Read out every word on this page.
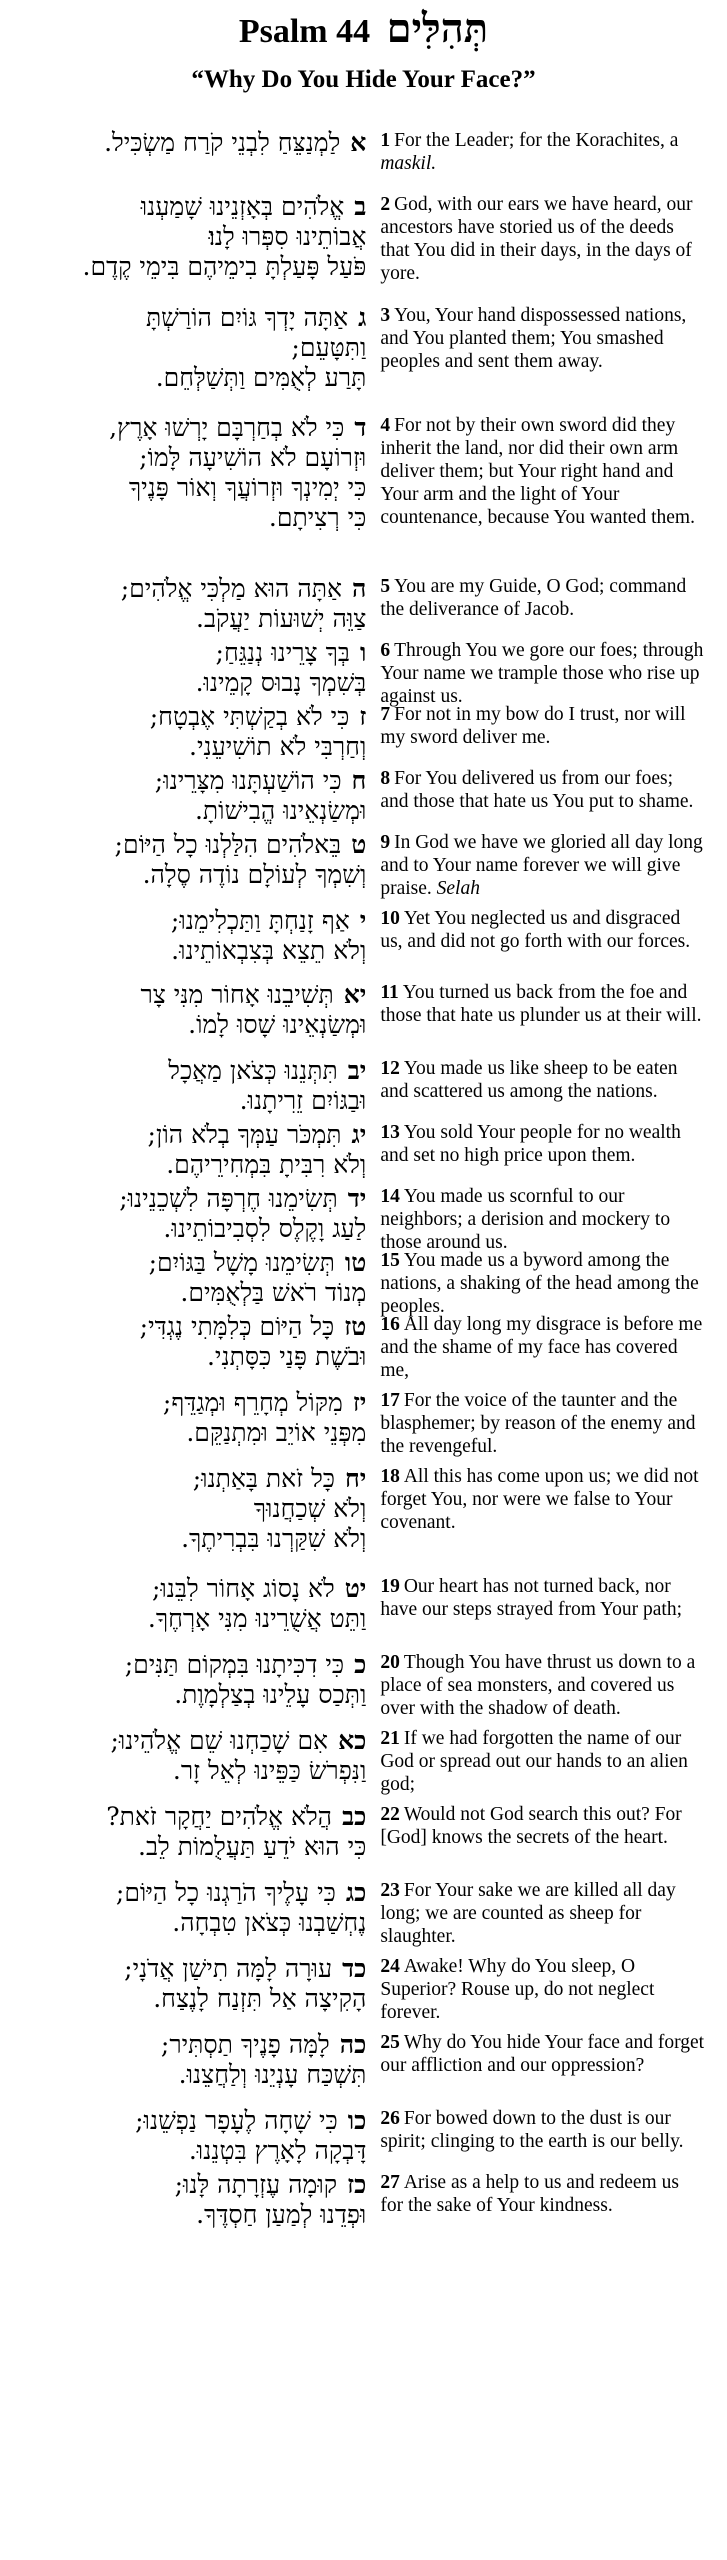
Psalm 44 תְּהִלִּים
“Why Do You Hide Your Face?”
אלַמְנַצֵּחַ לִבְנֵי קֹרַח מַשְׂכִּיל.	1 For the Leader; for the Korachites, a maskil.
באֱלֹהִים בְּאָזְנֵינוּ שָׁמַעְנוּ
אֲבוֹתֵינוּ סִפְּרוּ לָנוּ׃
פֹּעַל פָּעַלְתָּ בִימֵיהֶם בִּימֵי קֶדֶם.
2 God, with our ears we have heard, our ancestors have storied us of the deeds that You did in their days, in the days of yore.
גאַתָּה יָדְךָ גּוֹיִם הוֹרַשְׁתָּ
וַתִּטָּעֵם;
תָּרַע לְאֻמִּים וַתְּשַׁלְּחֵם.
3 You, Your hand dispossessed nations, and You planted them; You smashed peoples and sent them away.
דכִּי לֹא בְחַרְבָּם יָרְשׁוּ אָרֶץ,
וּזְרוֹעָם לֹא הוֹשִׁיעָה לָּמוֹ;
כִּי יְמִינְךָ וּזְרוֹעֲךָ וְאוֹר פָּנֶיךָ
כִּי רְצִיתָם.
4 For not by their own sword did they inherit the land, nor did their own arm deliver them; but Your right hand and Your arm and the light of Your countenance, because You wanted them.
האַתָּה הוּא מַלְכִּי אֱלֹהִים;
צַוֵּה יְשׁוּעוֹת יַעֲקֹב.
5 You are my Guide, O God; command the deliverance of Jacob.
ובְּךָ צָרֵינוּ נְנַגֵּחַ;
בְּשִׁמְךָ נָבוּס קָמֵינוּ.
6 Through You we gore our foes; through Your name we trample those who rise up against us.
זכִּי לֹא בְקַשְׁתִּי אֶבְטָח;
וְחַרְבִּי לֹא תוֹשִׁיעֵנִי.
7 For not in my bow do I trust, nor will my sword deliver me.
חכִּי הוֹשַׁעְתָּנוּ מִצָּרֵינוּ;
וּמְשַׂנְאֵינוּ הֱבִישׁוֹתָ.
8 For You delivered us from our foes; and those that hate us You put to shame.
טבֵּאלֹהִים הִלַּלְנוּ כָל הַיּוֹם;
וְשִׁמְךָ לְעוֹלָם נוֹדֶה סֶלָה.
9 In God we have we gloried all day long and to Your name forever we will give praise. Selah
יאַף זָנַחְתָּ וַתַּכְלִימֵנוּ;
וְלֹא תֵצֵא בְּצִבְאוֹתֵינוּ.
10 Yet You neglected us and disgraced us, and did not go forth with our forces.
יאתְּשִׁיבֵנוּ אָחוֹר מִנִּי צָר
וּמְשַׂנְאֵינוּ שָׁסוּ לָמוֹ.
11 You turned us back from the foe and those that hate us plunder us at their will.
יבתִּתְּנֵנוּ כְּצֹאן מַאֲכָל
וּבַגּוֹיִם זֵרִיתָנוּ.
12 You made us like sheep to be eaten and scattered us among the nations.
יגתִּמְכֹּר עַמְּךָ בְלֹא הוֹן;
וְלֹא רִבִּיתָ בִּמְחִירֵיהֶם.
13 You sold Your people for no wealth and set no high price upon them.
ידתְּשִׂימֵנוּ חֶרְפָּה לִשְׁכֵנֵינוּ;
לַעַג וָקֶלֶס לִסְבִיבוֹתֵינוּ.
14 You made us scornful to our neighbors; a derision and mockery to those around us.
טותְּשִׂימֵנוּ מָשָׁל בַּגּוֹיִם;
מְנוֹד רֹאשׁ בַּלְאֻמִּים.
15 You made us a byword among the nations, a shaking of the head among the peoples.
טזכָּל הַיּוֹם כְּלִמָּתִי נֶגְדִּי;
וּבֹשֶׁת פָּנַי כִּסָּתְנִי.
16 All day long my disgrace is before me and the shame of my face has covered me,
יזמִקּוֹל מְחָרֵף וּמְגַדֵּף;
מִפְּנֵי אוֹיֵב וּמִתְנַקֵּם.
17 For the voice of the taunter and the blasphemer; by reason of the enemy and the revengeful.
יחכָּל זֹאת בָּאַתְנוּ;
וְלֹא שְׁכַחֲנוּךָ
וְלֹא שִׁקַּרְנוּ בִּבְרִיתֶךָ.
18 All this has come upon us; we did not forget You, nor were we false to Your covenant.
יטלֹא נָסוֹג אָחוֹר לִבֵּנוּ;
וַתֵּט אֲשֻׁרֵינוּ מִנִּי אָרְחֶךָ.
19 Our heart has not turned back, nor have our steps strayed from Your path;
ככִּי דִכִּיתָנוּ בִּמְקוֹם תַּנִּים;
וַתְּכַס עָלֵינוּ בְצַלְמָוֶת.
20 Though You have thrust us down to a place of sea monsters, and covered us over with the shadow of death.
כאאִם שָׁכַחְנוּ שֵׁם אֱלֹהֵינוּ;
וַנִּפְרֹשׂ כַּפֵּינוּ לְאֵל זָר.
21 If we had forgotten the name of our God or spread out our hands to an alien god;
כבהֲלֹא אֱלֹהִים יַחֲקָר זֹאת?
כִּי הוּא יֹדֵעַ תַּעֲלֻמוֹת לֵב.
22 Would not God search this out? For [God] knows the secrets of the heart.
כגכִּי עָלֶיךָ הֹרַגְנוּ כָל הַיּוֹם;
נֶחְשַׁבְנוּ כְּצֹאן טִבְחָה.
23 For Your sake we are killed all day long; we are counted as sheep for slaughter.
כדעוּרָה לָמָּה תִישַׁן אֲדֹנָי;
הָקִיצָה אַל תִּזְנַח לָנֶצַח.
24 Awake! Why do You sleep, O Superior? Rouse up, do not neglect forever.
כהלָמָּה פָנֶיךָ תַסְתִּיר;
תִּשְׁכַּח עָנְיֵנוּ וְלַחֲצֵנוּ.
25 Why do You hide Your face and forget our affliction and our oppression?
כוכִּי שָׁחָה לֶעָפָר נַפְשֵׁנוּ;
דָּבְקָה לָאָרֶץ בִּטְנֵנוּ.
26 For bowed down to the dust is our spirit; clinging to the earth is our belly.
כזקוּמָה עֶזְרָתָה לָּנוּ;
וּפְדֵנוּ לְמַעַן חַסְדֶּךָ.
27 Arise as a help to us and redeem us for the sake of Your kindness.
